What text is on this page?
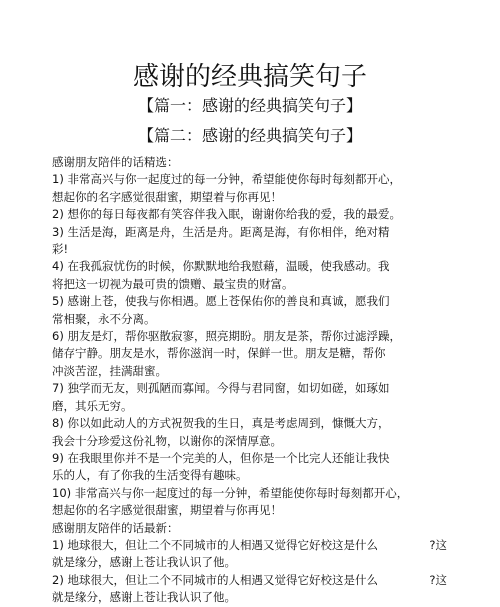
感谢的经典搞笑句子
【篇一：感谢的经典搞笑句子】
【篇二：感谢的经典搞笑句子】

感谢朋友陪伴的话精选：

1) 非常高兴与你一起度过的每一分钟，希望能使你每时每刻都开心，

想起你的名字感觉很甜蜜，期望着与你再见！

2) 想你的每日每夜都有笑容伴我入眠，谢谢你给我的爱，我的最爱。

3) 生活是海，距离是舟，生活是舟。距离是海，有你相伴，绝对精

彩!

4) 在我孤寂忧伤的时候，你默默地给我慰藉，温暖，使我感动。我

将把这一切视为最可贵的馈赠、最宝贵的财富。

5) 感谢上苍，使我与你相遇。愿上苍保佑你的善良和真诚，愿我们

常相聚，永不分离。

6) 朋友是灯，帮你驱散寂寥，照亮期盼。朋友是茶，帮你过滤浮躁，

储存宁静。朋友是水，帮你滋润一时，保鲜一世。朋友是糖，帮你

冲淡苦涩，挂满甜蜜。

7) 独学而无友，则孤陋而寡闻。今得与君同窗，如切如磋，如琢如

磨，其乐无穷。

8) 你以如此动人的方式祝贺我的生日，真是考虑周到，慷慨大方，

我会十分珍爱这份礼物，以谢你的深情厚意。

9) 在我眼里你并不是一个完美的人，但你是一个比完人还能让我快

乐的人，有了你我的生活变得有趣味。

10) 非常高兴与你一起度过的每一分钟，希望能使你每时每刻都开心，

想起你的名字感觉很甜蜜，期望着与你再见！

感谢朋友陪伴的话最新：

1) 地球很大，但让二个不同城市的人相遇又觉得它好校这是什么	?这
就是缘分，感谢上苍让我认识了他。
2) 地球很大，但让二个不同城市的人相遇又觉得它好校这是什么	?这
就是缘分，感谢上苍让我认识了他。
